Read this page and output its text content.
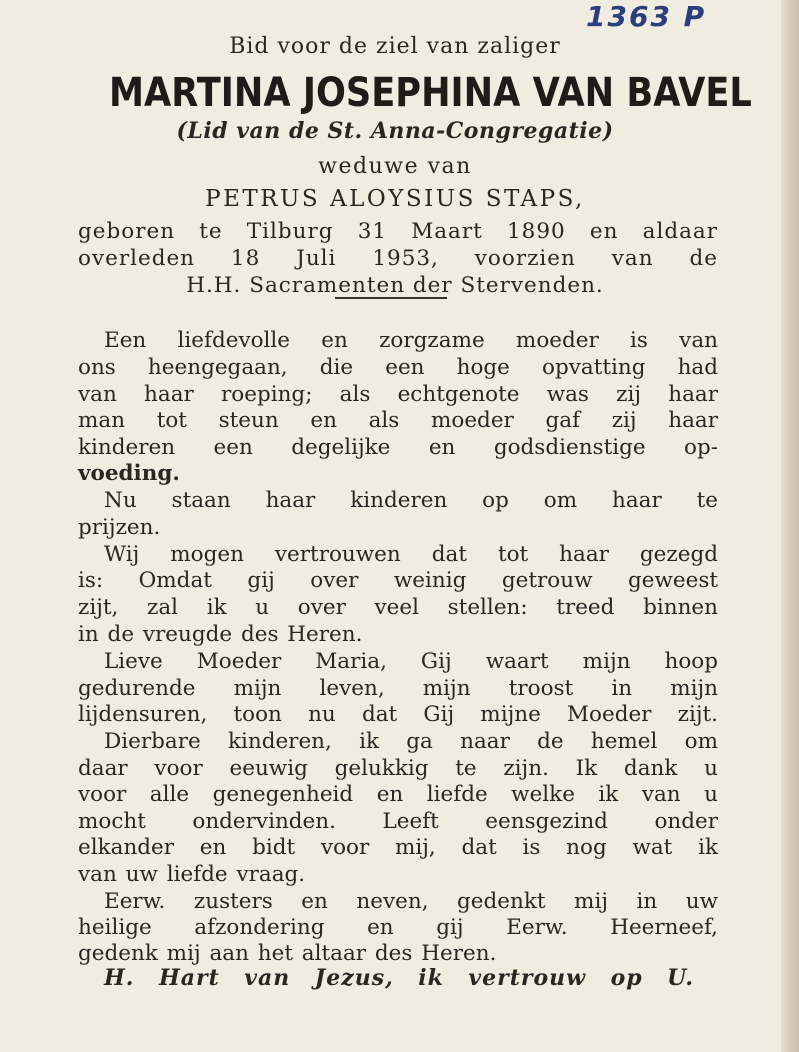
1363 P
Bid voor de ziel van zaliger
MARTINA JOSEPHINA VAN BAVEL
(Lid van de St. Anna-Congregatie)
weduwe van
PETRUS ALOYSIUS STAPS,
geboren te Tilburg 31 Maart 1890 en aldaar
overleden 18 Juli 1953, voorzien van de
H.H. Sacramenten der Stervenden.
Een liefdevolle en zorgzame moeder is van
ons heengegaan, die een hoge opvatting had
van haar roeping; als echtgenote was zij haar
man tot steun en als moeder gaf zij haar
kinderen een degelijke en godsdienstige op-
voeding.
Nu staan haar kinderen op om haar te
prijzen.
Wij mogen vertrouwen dat tot haar gezegd
is: Omdat gij over weinig getrouw geweest
zijt, zal ik u over veel stellen: treed binnen
in de vreugde des Heren.
Lieve Moeder Maria, Gij waart mijn hoop
gedurende mijn leven, mijn troost in mijn
lijdensuren, toon nu dat Gij mijne Moeder zijt.
Dierbare kinderen, ik ga naar de hemel om
daar voor eeuwig gelukkig te zijn. Ik dank u
voor alle genegenheid en liefde welke ik van u
mocht ondervinden. Leeft eensgezind onder
elkander en bidt voor mij, dat is nog wat ik
van uw liefde vraag.
Eerw. zusters en neven, gedenkt mij in uw
heilige afzondering en gij Eerw. Heerneef,
gedenk mij aan het altaar des Heren.
H. Hart van Jezus, ik vertrouw op U.
